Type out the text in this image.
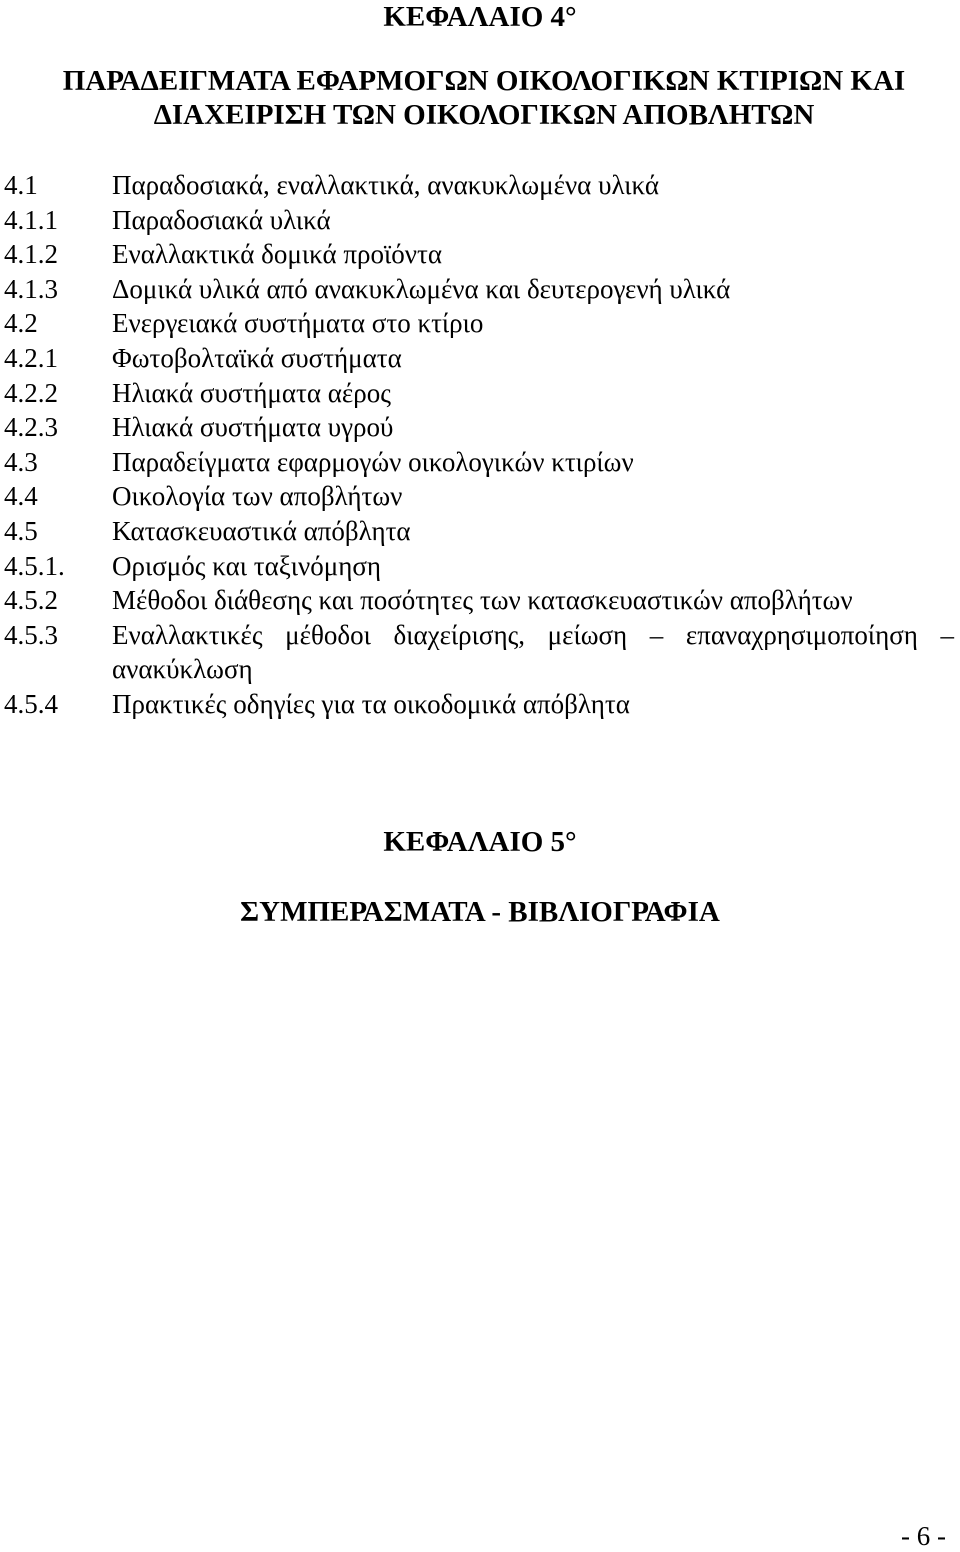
ΚΕΦΑΛΑΙΟ 4°
ΠΑΡΑΔΕΙΓΜΑΤΑ ΕΦΑΡΜΟΓΩΝ ΟΙΚΟΛΟΓΙΚΩΝ ΚΤΙΡΙΩΝ ΚΑΙ ΔΙΑΧΕΙΡΙΣΗ ΤΩΝ ΟΙΚΟΛΟΓΙΚΩΝ ΑΠΟΒΛΗΤΩΝ
4.1	Παραδοσιακά, εναλλακτικά, ανακυκλωμένα υλικά
4.1.1	Παραδοσιακά υλικά
4.1.2	Εναλλακτικά δομικά προϊόντα
4.1.3	Δομικά υλικά από ανακυκλωμένα και δευτερογενή υλικά
4.2	Ενεργειακά συστήματα στο κτίριο
4.2.1	Φωτοβολταϊκά συστήματα
4.2.2	Ηλιακά συστήματα αέρος
4.2.3	Ηλιακά συστήματα υγρού
4.3	Παραδείγματα εφαρμογών οικολογικών κτιρίων
4.4	Οικολογία των αποβλήτων
4.5	Κατασκευαστικά απόβλητα
4.5.1.	Ορισμός και ταξινόμηση
4.5.2	Μέθοδοι διάθεσης και ποσότητες των κατασκευαστικών αποβλήτων
4.5.3	Εναλλακτικές μέθοδοι διαχείρισης, μείωση – επαναχρησιμοποίηση – ανακύκλωση
4.5.4	Πρακτικές οδηγίες για τα οικοδομικά απόβλητα
ΚΕΦΑΛΑΙΟ 5°
ΣΥΜΠΕΡΑΣΜΑΤΑ - ΒΙΒΛΙΟΓΡΑΦΙΑ
- 6 -
